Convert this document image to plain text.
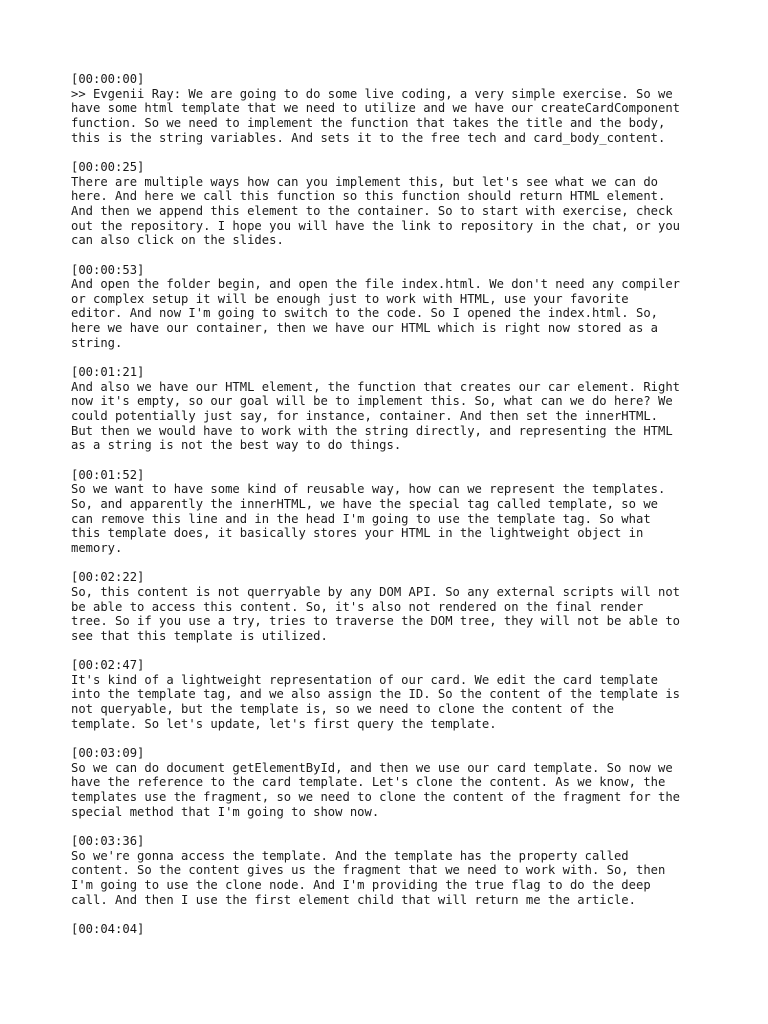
[00:00:00]
>> Evgenii Ray: We are going to do some live coding, a very simple exercise. So we
have some html template that we need to utilize and we have our createCardComponent
function. So we need to implement the function that takes the title and the body,
this is the string variables. And sets it to the free tech and card_body_content.
[00:00:25]
There are multiple ways how can you implement this, but let's see what we can do
here. And here we call this function so this function should return HTML element.
And then we append this element to the container. So to start with exercise, check
out the repository. I hope you will have the link to repository in the chat, or you
can also click on the slides.
[00:00:53]
And open the folder begin, and open the file index.html. We don't need any compiler
or complex setup it will be enough just to work with HTML, use your favorite
editor. And now I'm going to switch to the code. So I opened the index.html. So,
here we have our container, then we have our HTML which is right now stored as a
string.
[00:01:21]
And also we have our HTML element, the function that creates our car element. Right
now it's empty, so our goal will be to implement this. So, what can we do here? We
could potentially just say, for instance, container. And then set the innerHTML.
But then we would have to work with the string directly, and representing the HTML
as a string is not the best way to do things.
[00:01:52]
So we want to have some kind of reusable way, how can we represent the templates.
So, and apparently the innerHTML, we have the special tag called template, so we
can remove this line and in the head I'm going to use the template tag. So what
this template does, it basically stores your HTML in the lightweight object in
memory.
[00:02:22]
So, this content is not querryable by any DOM API. So any external scripts will not
be able to access this content. So, it's also not rendered on the final render
tree. So if you use a try, tries to traverse the DOM tree, they will not be able to
see that this template is utilized.
[00:02:47]
It's kind of a lightweight representation of our card. We edit the card template
into the template tag, and we also assign the ID. So the content of the template is
not queryable, but the template is, so we need to clone the content of the
template. So let's update, let's first query the template.
[00:03:09]
So we can do document getElementById, and then we use our card template. So now we
have the reference to the card template. Let's clone the content. As we know, the
templates use the fragment, so we need to clone the content of the fragment for the
special method that I'm going to show now.
[00:03:36]
So we're gonna access the template. And the template has the property called
content. So the content gives us the fragment that we need to work with. So, then
I'm going to use the clone node. And I'm providing the true flag to do the deep
call. And then I use the first element child that will return me the article.
[00:04:04]
